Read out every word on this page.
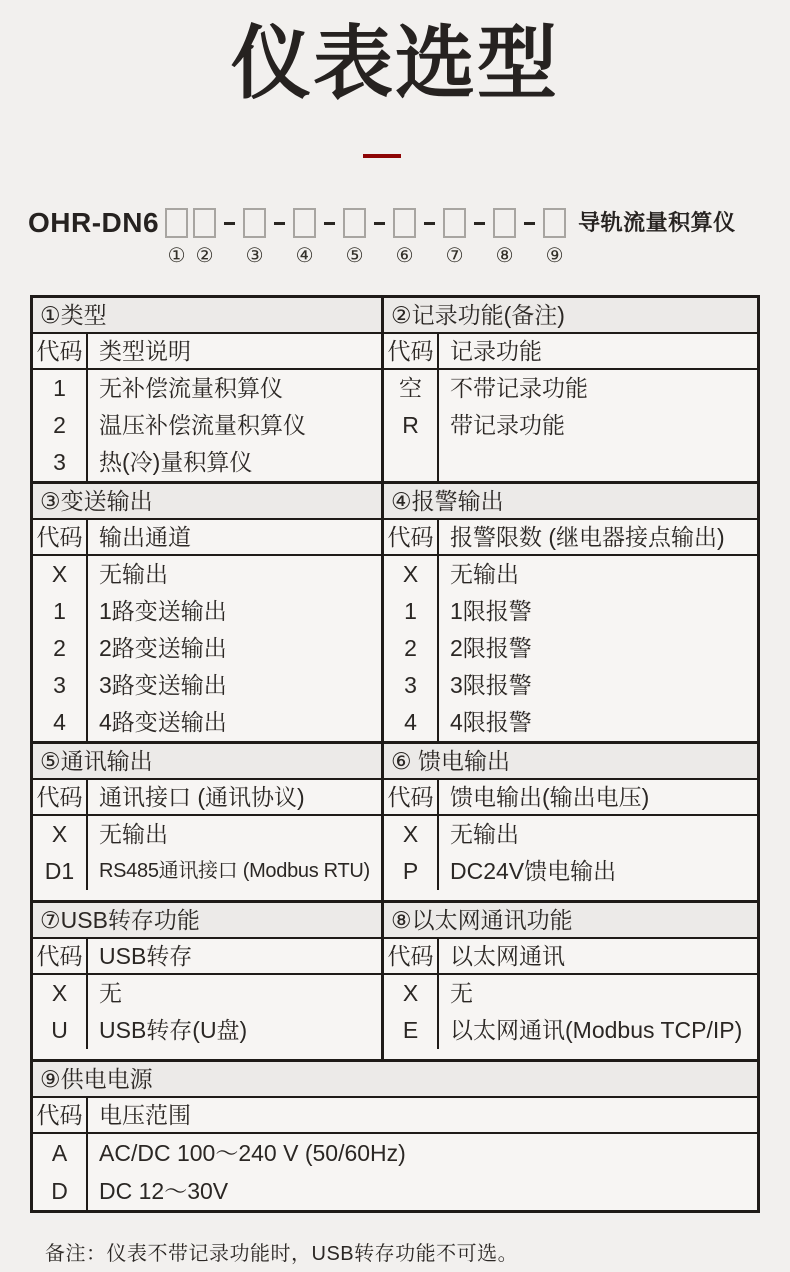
仪表选型
OHR-DN6
① ② ③ ④ ⑤ ⑥ ⑦ ⑧ ⑨
导轨流量积算仪
①类型
代码 类型说明
1
2
3
无补偿流量积算仪
温压补偿流量积算仪
热(冷)量积算仪
②记录功能(备注)
代码 记录功能
空
R
不带记录功能
带记录功能
③变送输出
代码 输出通道
X
1
2
3
4
无输出
1路变送输出
2路变送输出
3路变送输出
4路变送输出
④报警输出
代码 报警限数 (继电器接点输出)
X
1
2
3
4
无输出
1限报警
2限报警
3限报警
4限报警
⑤通讯输出
代码 通讯接口 (通讯协议)
X
D1
无输出
RS485通讯接口 (Modbus RTU)
⑥ 馈电输出
代码 馈电输出(输出电压)
X
P
无输出
DC24V馈电输出
⑦USB转存功能
代码 USB转存
X
U
无
USB转存(U盘)
⑧以太网通讯功能
代码 以太网通讯
X
E
无
以太网通讯(Modbus TCP/IP)
⑨供电电源
代码 电压范围
A
D
AC/DC 100～240 V (50/60Hz)
DC 12～30V
备注：仪表不带记录功能时，USB转存功能不可选。
